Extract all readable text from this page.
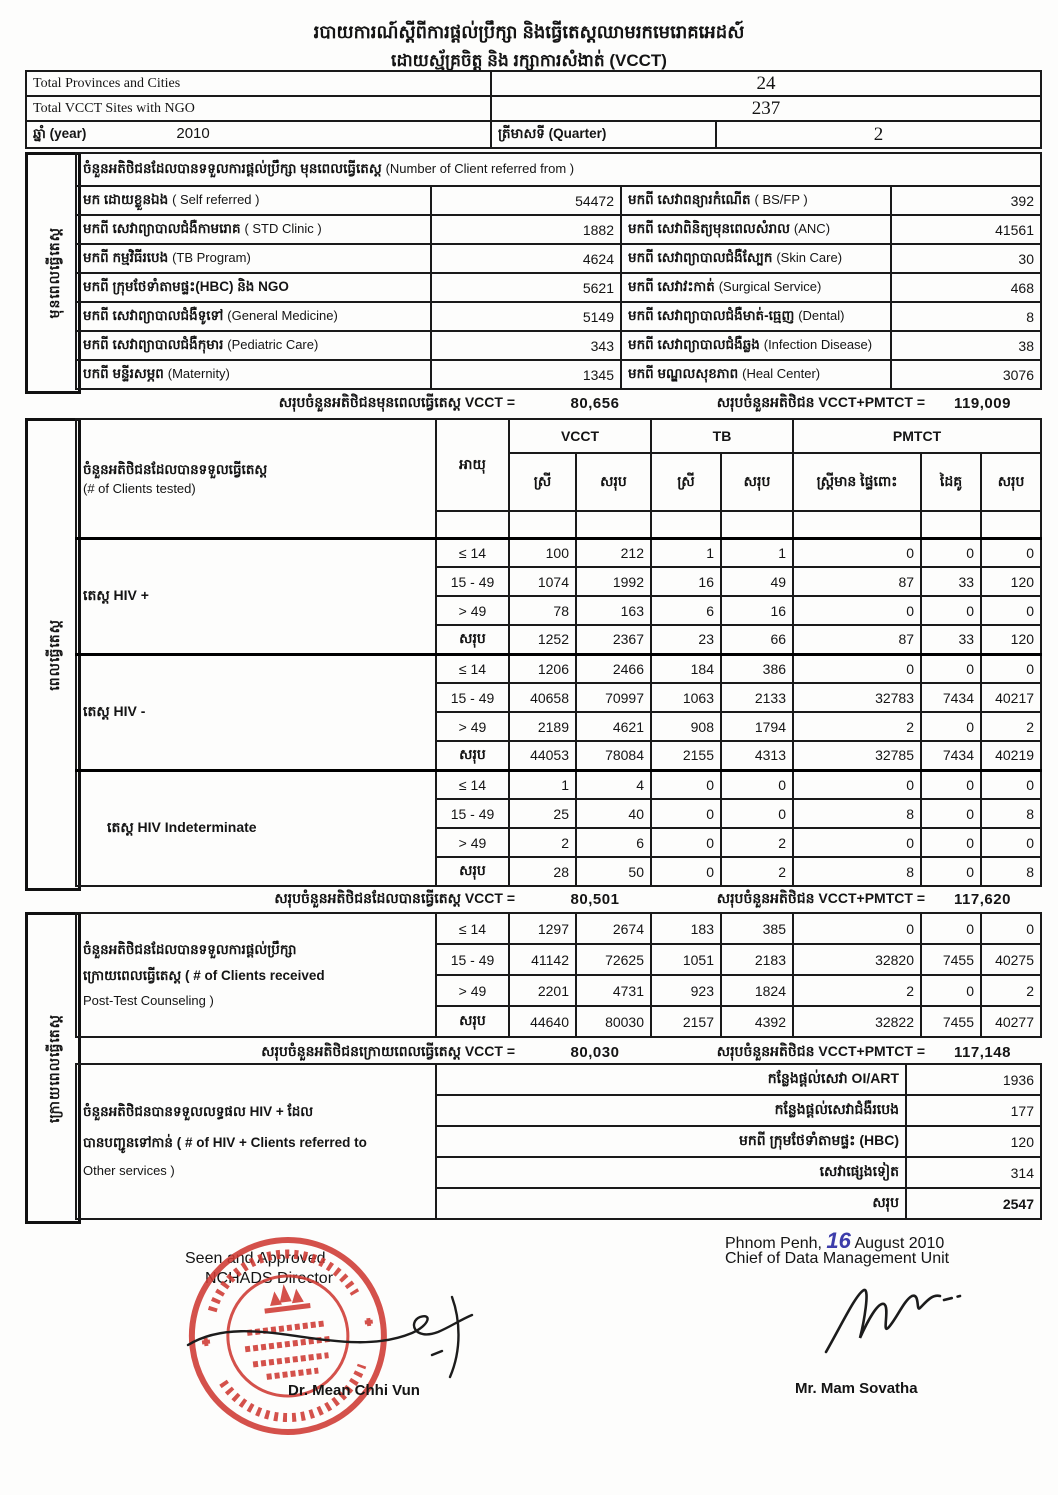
របាយការណ៍ស្តីពីការផ្តល់ប្រឹក្សា និងធ្វើតេស្តឈាមរកមេរោគអេដស៍
ដោយស្ម័គ្រចិត្ត និង រក្សាការសំងាត់ (VCCT)
Total Provinces and Cities	24	
Total VCCT Sites with NGO	237	
ឆ្នាំ (year) 2010	ត្រីមាសទី (Quarter)	2
មុនពេលធ្វើតេស្ត
ចំនួនអតិថិជនដែលបានទទួលការផ្តល់ប្រឹក្សា មុនពេលធ្វើតេស្ត (Number of Client referred from )			
មក ដោយខ្លួនឯង ( Self referred )	54472	មកពី សេវាពន្យារកំណើត ( BS/FP )	392
មកពី សេវាព្យាបាលជំងឺកាមរោគ ( STD Clinic )	1882	មកពី សេវាពិនិត្យមុនពេលសំរាល (ANC)	41561
មកពី កម្មវិធីរបេង (TB Program)	4624	មកពី សេវាព្យាបាលជំងឺស្បែក (Skin Care)	30
មកពី ក្រុមថែទាំតាមផ្ទះ(HBC) និង NGO	5621	មកពី សេវាវះកាត់ (Surgical Service)	468
មកពី សេវាព្យាបាលជំងឺទូទៅ (General Medicine)	5149	មកពី សេវាព្យាបាលជំងឺមាត់-ធ្មេញ (Dental)	8
មកពី សេវាព្យាបាលជំងឺកុមារ (Pediatric Care)	343	មកពី សេវាព្យាបាលជំងឺឆ្លង (Infection Disease)	38
បកពី មន្ទីរសម្ភព (Maternity)	1345	មកពី មណ្ឌលសុខភាព (Heal Center)	3076
សរុបចំនួនអតិថិជនមុនពេលធ្វើតេស្ត VCCT =	80,656	សរុបចំនួនអតិថិជន VCCT+PMTCT =	119,009
ពេលធ្វើតេស្ត
ចំនួនអតិថិជនដែលបានទទួលធ្វើតេស្ត
(# of Clients tested)	អាយុ	VCCT		TB		PMTCT		
		ស្រី	សរុប	ស្រី	សរុប	ស្ត្រីមាន ផ្ទៃពោះ	ដៃគូ	សរុប

តេស្ត HIV +	≤ 14	100	212	1	1	0	0	0
	15 - 49	1074	1992	16	49	87	33	120
	> 49	78	163	6	16	0	0	0
	សរុប	1252	2367	23	66	87	33	120
តេស្ត HIV -	≤ 14	1206	2466	184	386	0	0	0
	15 - 49	40658	70997	1063	2133	32783	7434	40217
	> 49	2189	4621	908	1794	2	0	2
	សរុប	44053	78084	2155	4313	32785	7434	40219
តេស្ត HIV Indeterminate	≤ 14	1	4	0	0	0	0	0
	15 - 49	25	40	0	0	8	0	8
	> 49	2	6	0	2	0	0	0
	សរុប	28	50	0	2	8	0	8
សរុបចំនួនអតិថិជនដែលបានធ្វើតេស្ត VCCT =	80,501	សរុបចំនួនអតិថិជន VCCT+PMTCT =	117,620
ក្រោយពេលធ្វើតេស្ត
ចំនួនអតិថិជនដែលបានទទួលការផ្តល់ប្រឹក្សា
ក្រោយពេលធ្វើតេស្ត ( # of Clients received
Post-Test Counseling )	≤ 14	1297	2674	183	385	0	0	0
	15 - 49	41142	72625	1051	2183	32820	7455	40275
	> 49	2201	4731	923	1824	2	0	2
	សរុប	44640	80030	2157	4392	32822	7455	40277
សរុបចំនួនអតិថិជនក្រោយពេលធ្វើតេស្ត VCCT =	80,030	សរុបចំនួនអតិថិជន VCCT+PMTCT =	117,148
ចំនួនអតិថិជនបានទទួលលទ្ធផល HIV + ដែល
បានបញ្ជូនទៅកាន់ ( # of HIV + Clients referred to
Other services )	កន្លែងផ្តល់សេវា OI/ART	1936
	កន្លែងផ្តល់សេវាជំងឺរបេង	177
	មកពី ក្រុមថែទាំតាមផ្ទះ (HBC)	120
	សេវាផ្សេងទៀត	314
	សរុប	2547
Seen and Approved
NCHADS Director
Dr. Mean Chhi Vun
Phnom Penh, 16 August 2010
Chief of Data Management Unit
Mr. Mam Sovatha
